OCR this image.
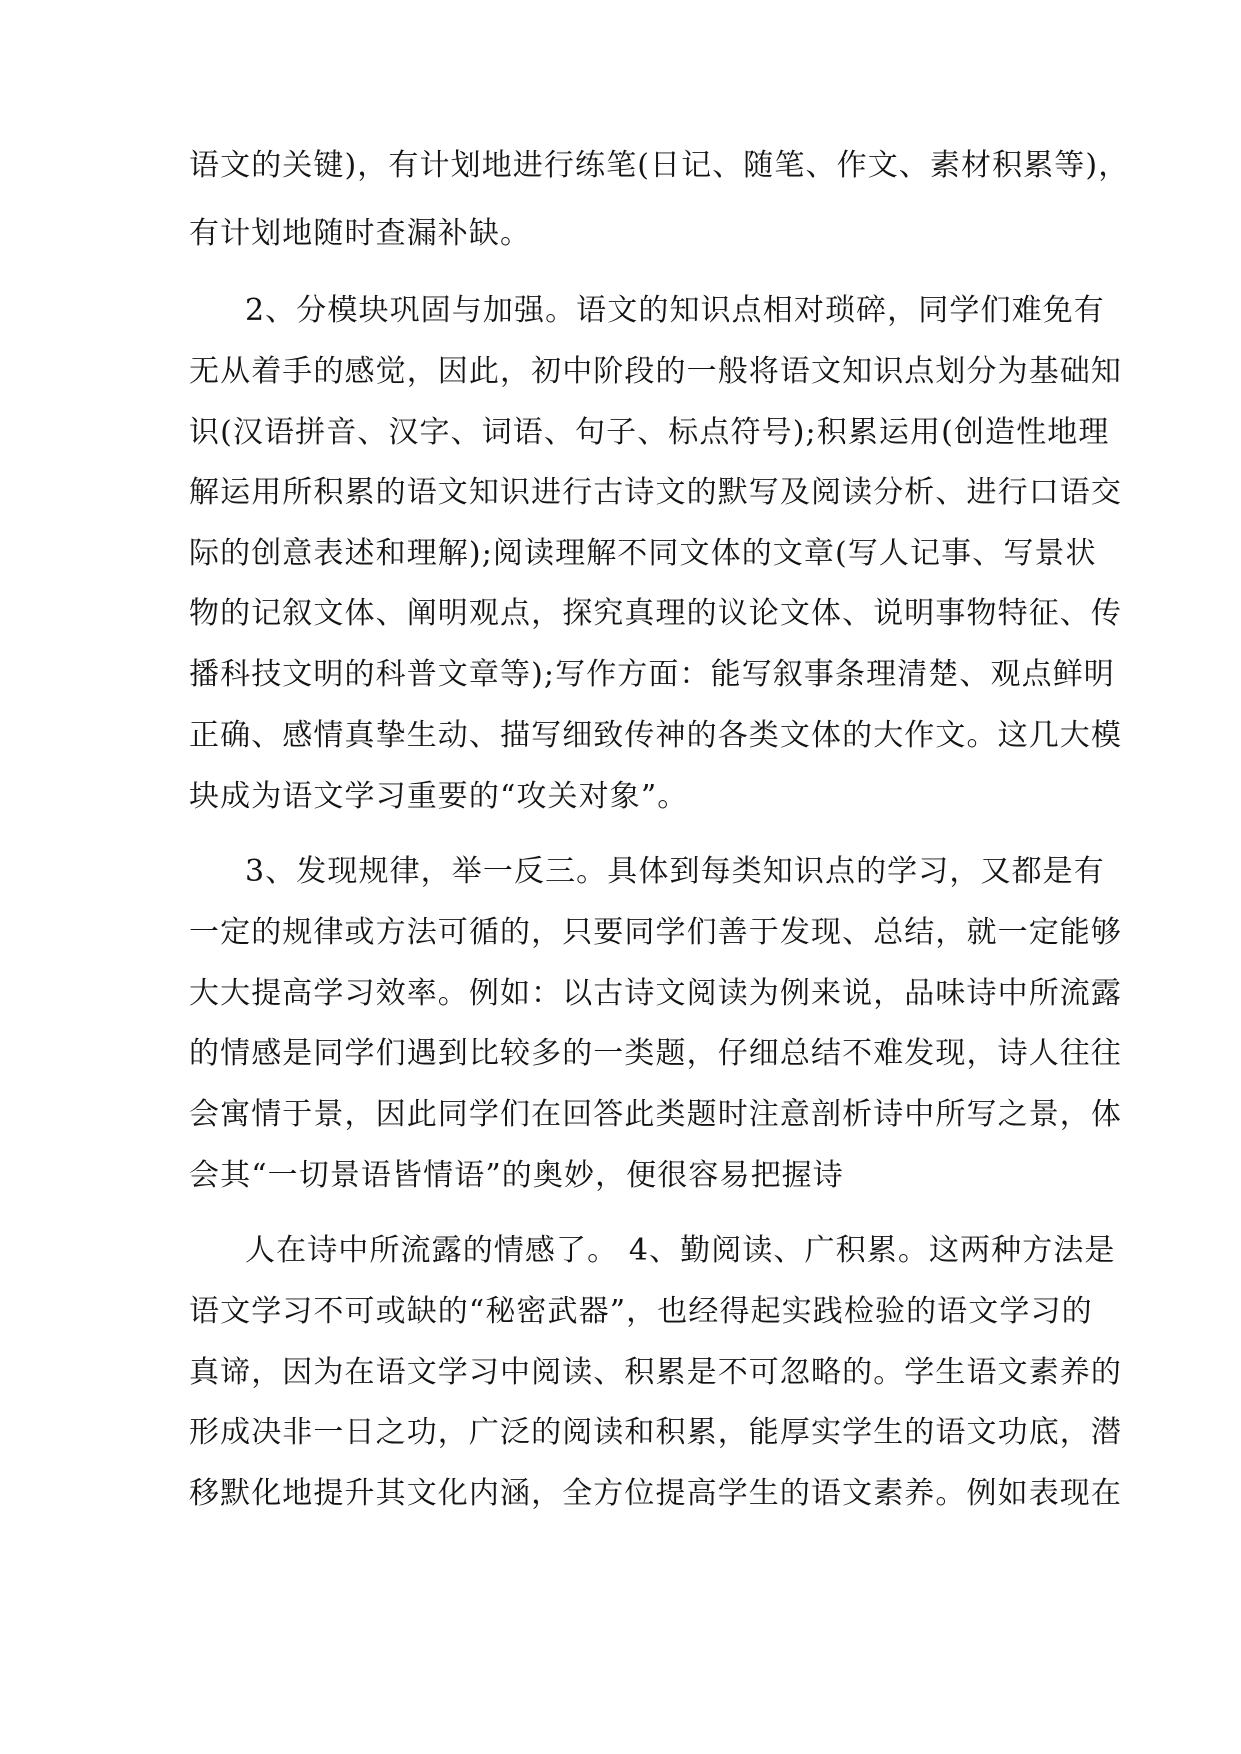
语文的关键)，有计划地进行练笔(日记、随笔、作文、素材积累等)，
有计划地随时查漏补缺。
2、分模块巩固与加强。语文的知识点相对琐碎，同学们难免有
无从着手的感觉，因此，初中阶段的一般将语文知识点划分为基础知
识(汉语拼音、汉字、词语、句子、标点符号);积累运用(创造性地理
解运用所积累的语文知识进行古诗文的默写及阅读分析、进行口语交
际的创意表述和理解);阅读理解不同文体的文章(写人记事、写景状
物的记叙文体、阐明观点，探究真理的议论文体、说明事物特征、传
播科技文明的科普文章等);写作方面：能写叙事条理清楚、观点鲜明
正确、感情真挚生动、描写细致传神的各类文体的大作文。这几大模
块成为语文学习重要的“攻关对象”。
3、发现规律，举一反三。具体到每类知识点的学习，又都是有
一定的规律或方法可循的，只要同学们善于发现、总结，就一定能够
大大提高学习效率。例如：以古诗文阅读为例来说，品味诗中所流露
的情感是同学们遇到比较多的一类题，仔细总结不难发现，诗人往往
会寓情于景，因此同学们在回答此类题时注意剖析诗中所写之景，体
会其“一切景语皆情语”的奥妙，便很容易把握诗
人在诗中所流露的情感了。 4、勤阅读、广积累。这两种方法是
语文学习不可或缺的“秘密武器”，也经得起实践检验的语文学习的
真谛，因为在语文学习中阅读、积累是不可忽略的。学生语文素养的
形成决非一日之功，广泛的阅读和积累，能厚实学生的语文功底，潜
移默化地提升其文化内涵，全方位提高学生的语文素养。例如表现在
